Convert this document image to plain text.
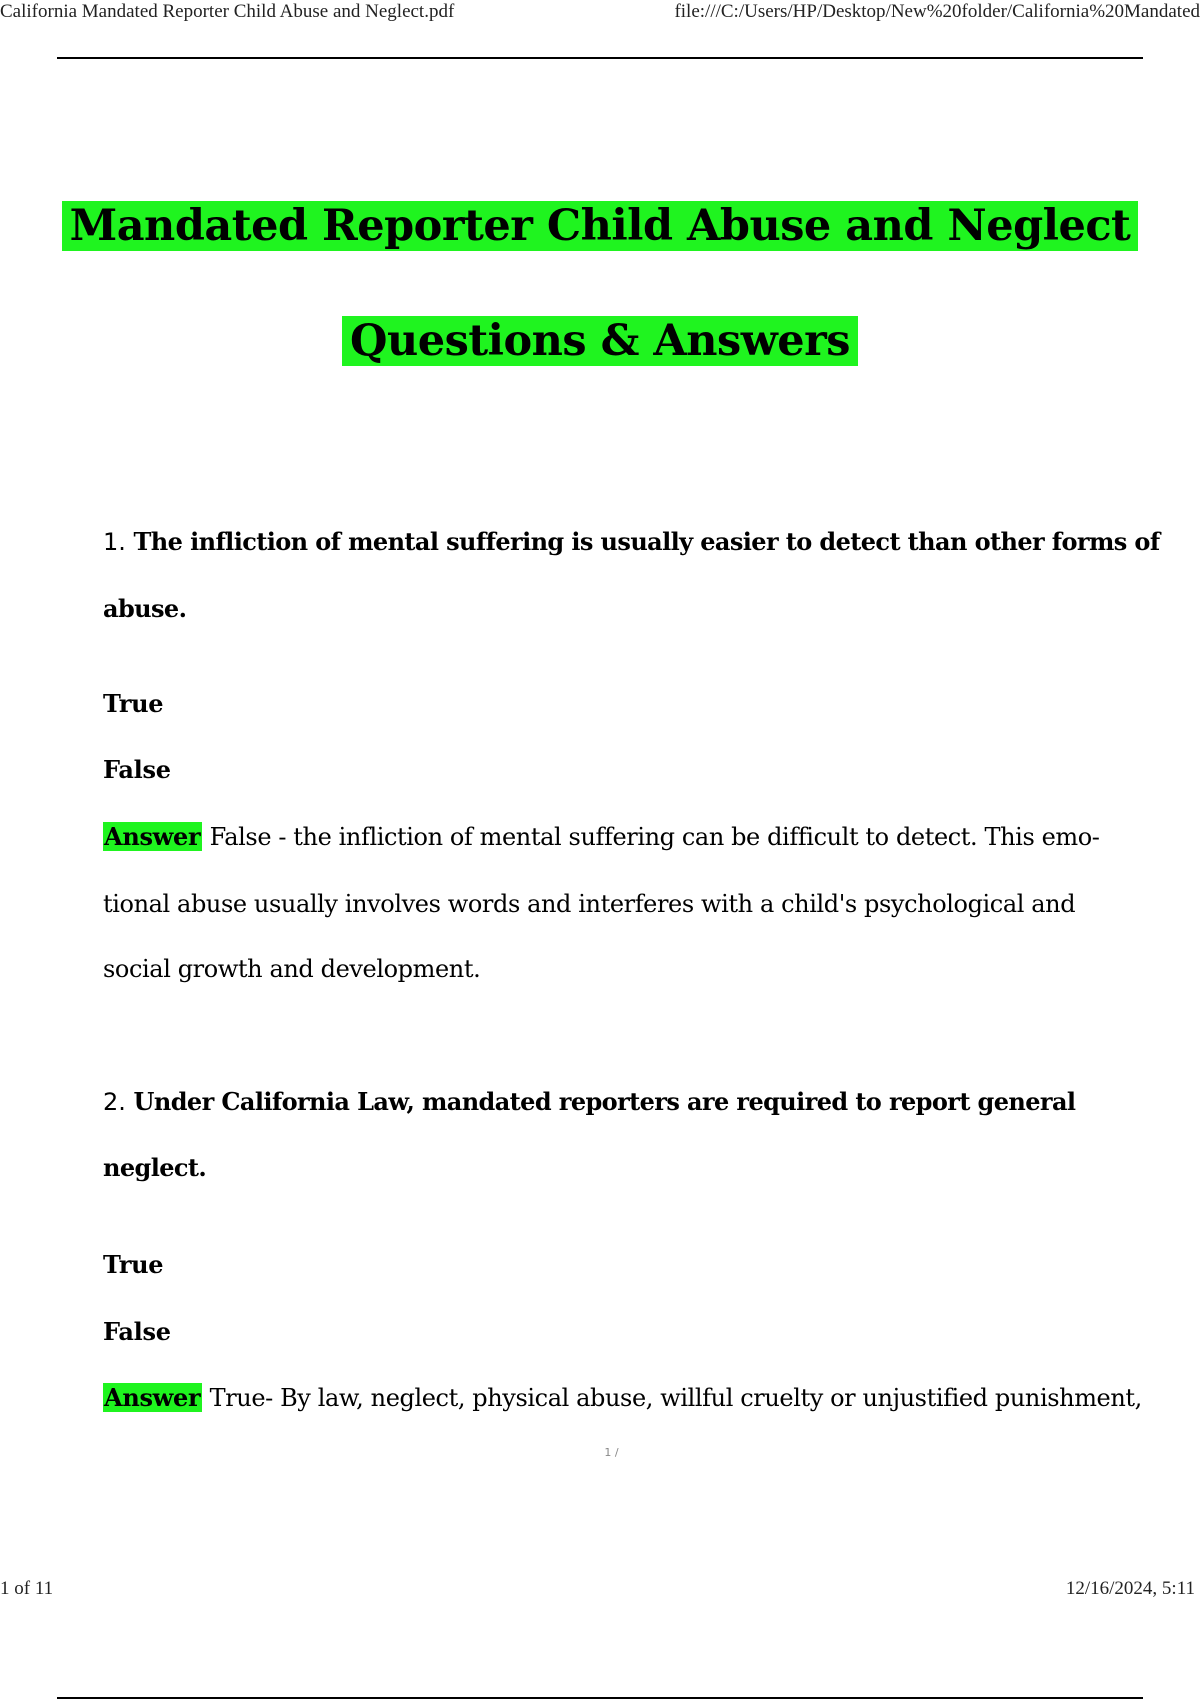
California Mandated Reporter Child Abuse and Neglect.pdf	file:///C:/Users/HP/Desktop/New%20folder/California%20Mandated
Mandated Reporter Child Abuse and Neglect
Questions & Answers
1. The infliction of mental suffering is usually easier to detect than other forms of
abuse.
True
False
Answer False - the infliction of mental suffering can be difficult to detect. This emo-
tional abuse usually involves words and interferes with a child's psychological and
social growth and development.
2. Under California Law, mandated reporters are required to report general
neglect.
True
False
Answer True- By law, neglect, physical abuse, willful cruelty or unjustified punishment,
1 /
1 of 11	12/16/2024, 5:11
